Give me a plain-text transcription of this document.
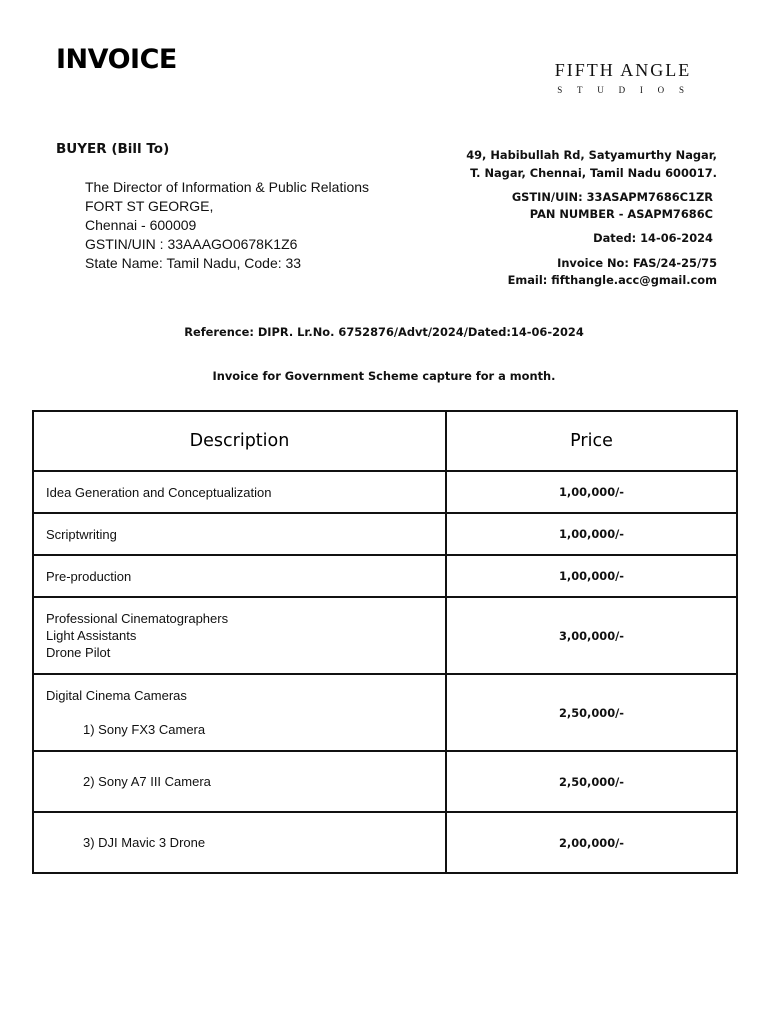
INVOICE	FIFTH ANGLE
STUDIOS
BUYER (Bill To)
The Director of Information & Public Relations
FORT ST GEORGE,
Chennai - 600009
GSTIN/UIN : 33AAAGO0678K1Z6
State Name: Tamil Nadu, Code: 33
49, Habibullah Rd, Satyamurthy Nagar,
T. Nagar, Chennai, Tamil Nadu 600017.
GSTIN/UIN: 33ASAPM7686C1ZR
PAN NUMBER - ASAPM7686C
Dated: 14-06-2024
Invoice No: FAS/24-25/75
Email: fifthangle.acc@gmail.com
Reference: DIPR. Lr.No. 6752876/Advt/2024/Dated:14-06-2024
Invoice for Government Scheme capture for a month.
Description	Price

Idea Generation and Conceptualization	1,00,000/-

Scriptwriting	1,00,000/-

Pre-production	1,00,000/-

Professional Cinematographers
Light Assistants
Drone Pilot	3,00,000/-

Digital Cinema Cameras
1) Sony FX3 Camera	2,50,000/-

2) Sony A7 III Camera	2,50,000/-

3) DJI Mavic 3 Drone	2,00,000/-
